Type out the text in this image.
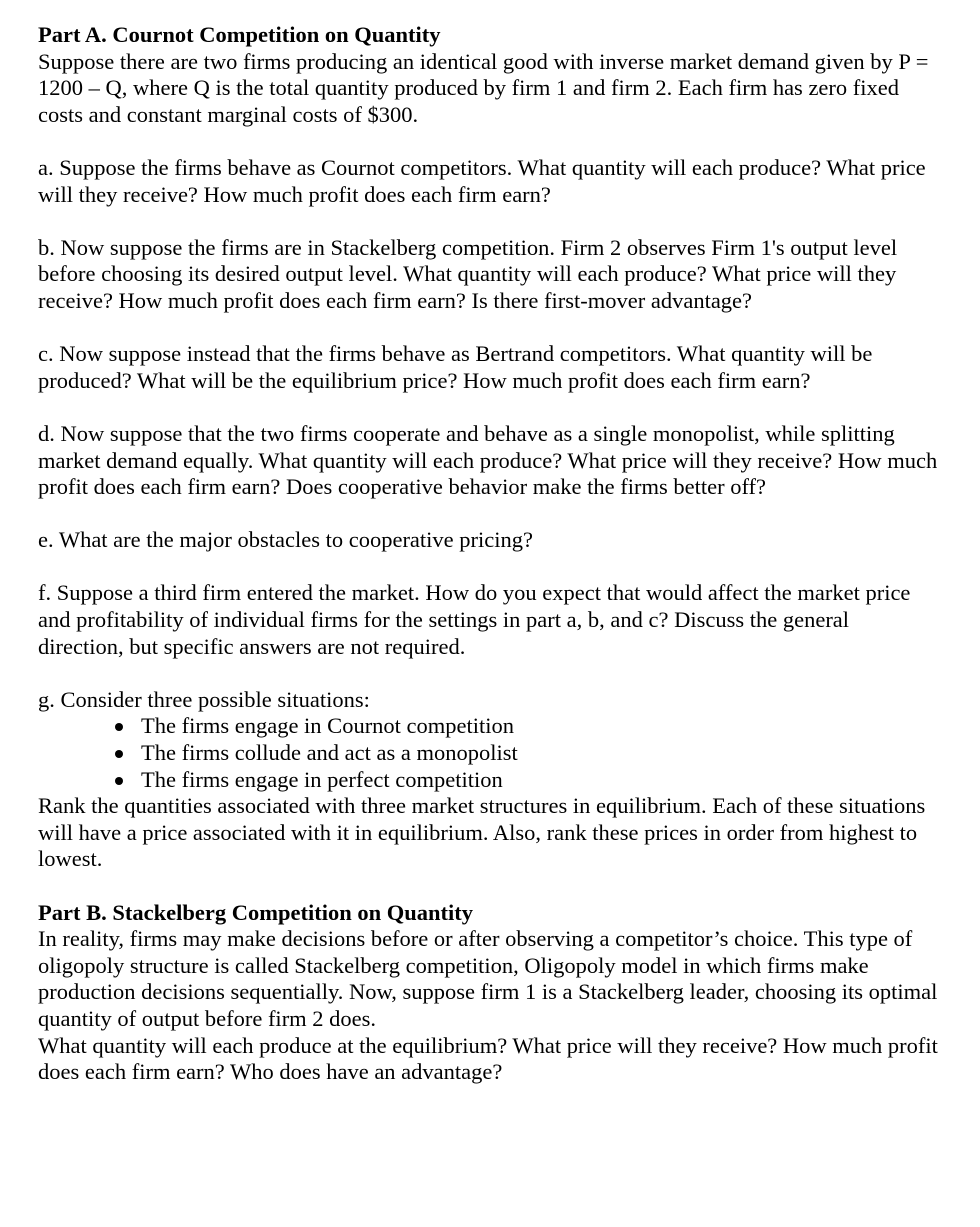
Part A. Cournot Competition on Quantity

Suppose there are two firms producing an identical good with inverse market demand given by P = 1200 – Q, where Q is the total quantity produced by firm 1 and firm 2. Each firm has zero fixed costs and constant marginal costs of $300.

a. Suppose the firms behave as Cournot competitors. What quantity will each produce? What price will they receive? How much profit does each firm earn?

b. Now suppose the firms are in Stackelberg competition. Firm 2 observes Firm 1's output level before choosing its desired output level. What quantity will each produce? What price will they receive? How much profit does each firm earn? Is there first-mover advantage?

c. Now suppose instead that the firms behave as Bertrand competitors. What quantity will be produced? What will be the equilibrium price? How much profit does each firm earn?

d. Now suppose that the two firms cooperate and behave as a single monopolist, while splitting market demand equally. What quantity will each produce? What price will they receive? How much profit does each firm earn? Does cooperative behavior make the firms better off?

e. What are the major obstacles to cooperative pricing?

f. Suppose a third firm entered the market. How do you expect that would affect the market price and profitability of individual firms for the settings in part a, b, and c? Discuss the general direction, but specific answers are not required.

g. Consider three possible situations:

The firms engage in Cournot competition
The firms collude and act as a monopolist
The firms engage in perfect competition

Rank the quantities associated with three market structures in equilibrium. Each of these situations will have a price associated with it in equilibrium. Also, rank these prices in order from highest to lowest.

Part B. Stackelberg Competition on Quantity

In reality, firms may make decisions before or after observing a competitor’s choice. This type of oligopoly structure is called Stackelberg competition, Oligopoly model in which firms make production decisions sequentially. Now, suppose firm 1 is a Stackelberg leader, choosing its optimal quantity of output before firm 2 does.

What quantity will each produce at the equilibrium? What price will they receive? How much profit does each firm earn? Who does have an advantage?
